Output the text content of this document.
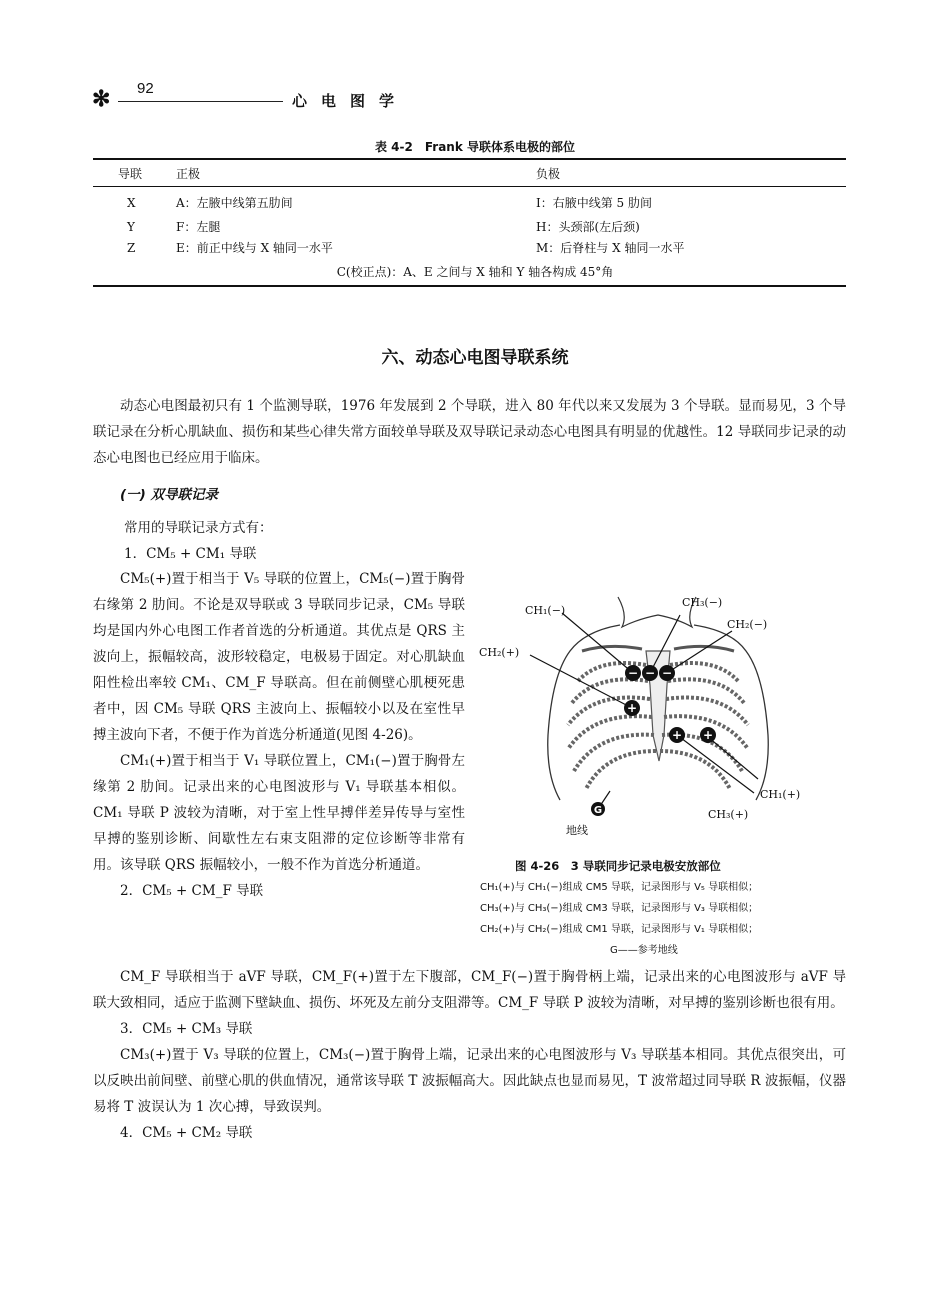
✻ 92
心电图学
表 4-2　Frank 导联体系电极的部位
导联	正极	负极
X	A：左腋中线第五肋间	I：右腋中线第 5 肋间
Y	F：左腿	H：头颈部(左后颈)
Z	E：前正中线与 X 轴同一水平	M：后脊柱与 X 轴同一水平
C(校正点)：A、E 之间与 X 轴和 Y 轴各构成 45°角
六、动态心电图导联系统

动态心电图最初只有 1 个监测导联，1976 年发展到 2 个导联，进入 80 年代以来又发展为 3 个导联。显而易见，3 个导联记录在分析心肌缺血、损伤和某些心律失常方面较单导联及双导联记录动态心电图具有明显的优越性。12 导联同步记录的动态心电图也已经应用于临床。

(一) 双导联记录
常用的导联记录方式有：
1．CM₅ + CM₁ 导联

CM₅(+)置于相当于 V₅ 导联的位置上，CM₅(−)置于胸骨右缘第 2 肋间。不论是双导联或 3 导联同步记录，CM₅ 导联均是国内外心电图工作者首选的分析通道。其优点是 QRS 主波向上，振幅较高，波形较稳定，电极易于固定。对心肌缺血阳性检出率较 CM₁、CM_F 导联高。但在前侧壁心肌梗死患者中，因 CM₅ 导联 QRS 主波向上、振幅较小以及在室性早搏主波向下者，不便于作为首选分析通道(见图 4-26)。

CM₁(+)置于相当于 V₁ 导联位置上，CM₁(−)置于胸骨左缘第 2 肋间。记录出来的心电图波形与 V₁ 导联基本相似。CM₁ 导联 P 波较为清晰，对于室上性早搏伴差异传导与室性早搏的鉴别诊断、间歇性左右束支阻滞的定位诊断等非常有用。该导联 QRS 振幅较小，一般不作为首选分析通道。

2．CM₅ + CM_F 导联

− − −
+
+ +
G
CH₁(−)
CH₃(−)
CH₂(−)
CH₂(+)
CH₁(+)
CH₃(+)
地线
图 4-26　3 导联同步记录电极安放部位
CH₁(+)与 CH₁(−)组成 CM5 导联，记录图形与 V₅ 导联相似；
CH₃(+)与 CH₃(−)组成 CM3 导联，记录图形与 V₃ 导联相似；
CH₂(+)与 CH₂(−)组成 CM1 导联，记录图形与 V₁ 导联相似；
G——参考地线

CM_F 导联相当于 aVF 导联，CM_F(+)置于左下腹部，CM_F(−)置于胸骨柄上端，记录出来的心电图波形与 aVF 导联大致相同，适应于监测下壁缺血、损伤、坏死及左前分支阻滞等。CM_F 导联 P 波较为清晰，对早搏的鉴别诊断也很有用。

3．CM₅ + CM₃ 导联

CM₃(+)置于 V₃ 导联的位置上，CM₃(−)置于胸骨上端，记录出来的心电图波形与 V₃ 导联基本相同。其优点很突出，可以反映出前间壁、前壁心肌的供血情况，通常该导联 T 波振幅高大。因此缺点也显而易见，T 波常超过同导联 R 波振幅，仪器易将 T 波误认为 1 次心搏，导致误判。

4．CM₅ + CM₂ 导联
